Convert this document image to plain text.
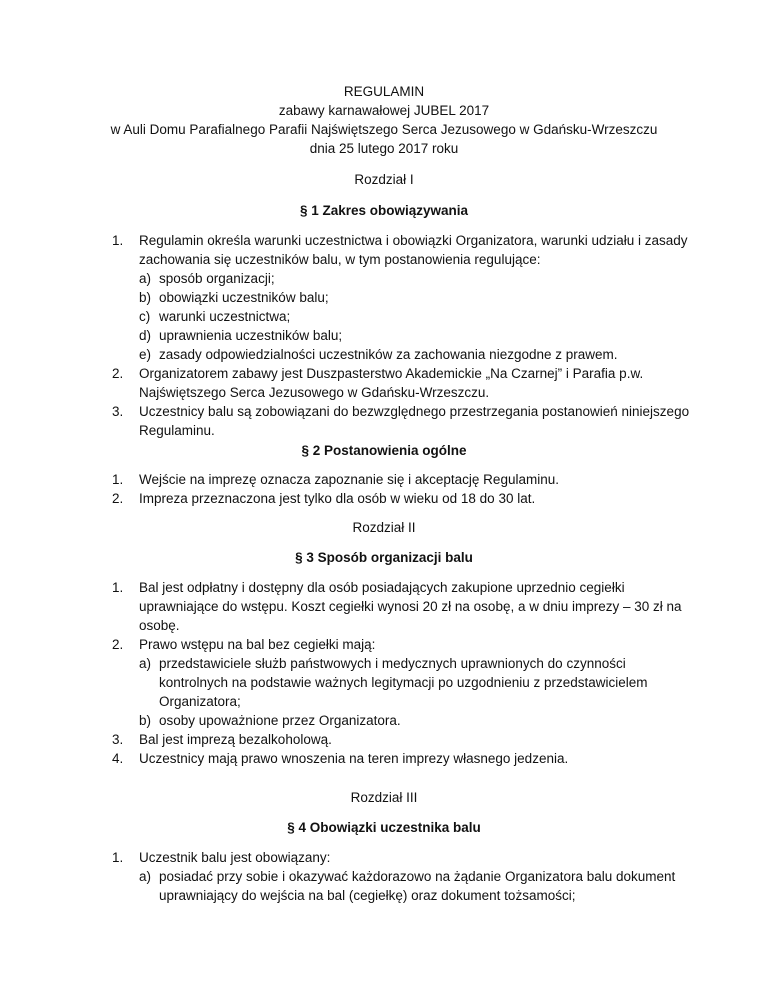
REGULAMIN
zabawy karnawałowej JUBEL 2017
w Auli Domu Parafialnego Parafii Najświętszego Serca Jezusowego w Gdańsku-Wrzeszczu
dnia 25 lutego 2017 roku
Rozdział I
§ 1 Zakres obowiązywania
1. Regulamin określa warunki uczestnictwa i obowiązki Organizatora, warunki udziału i zasady
zachowania się uczestników balu, w tym postanowienia regulujące:
a) sposób organizacji;
b) obowiązki uczestników balu;
c) warunki uczestnictwa;
d) uprawnienia uczestników balu;
e) zasady odpowiedzialności uczestników za zachowania niezgodne z prawem.
2. Organizatorem zabawy jest Duszpasterstwo Akademickie „Na Czarnej” i Parafia p.w.
Najświętszego Serca Jezusowego w Gdańsku-Wrzeszczu.
3. Uczestnicy balu są zobowiązani do bezwzględnego przestrzegania postanowień niniejszego
Regulaminu.
§ 2 Postanowienia ogólne
1. Wejście na imprezę oznacza zapoznanie się i akceptację Regulaminu.
2. Impreza przeznaczona jest tylko dla osób w wieku od 18 do 30 lat.
Rozdział II
§ 3 Sposób organizacji balu
1. Bal jest odpłatny i dostępny dla osób posiadających zakupione uprzednio cegiełki
uprawniające do wstępu. Koszt cegiełki wynosi 20 zł na osobę, a w dniu imprezy – 30 zł na
osobę.
2. Prawo wstępu na bal bez cegiełki mają:
a) przedstawiciele służb państwowych i medycznych uprawnionych do czynności
kontrolnych na podstawie ważnych legitymacji po uzgodnieniu z przedstawicielem
Organizatora;
b) osoby upoważnione przez Organizatora.
3. Bal jest imprezą bezalkoholową.
4. Uczestnicy mają prawo wnoszenia na teren imprezy własnego jedzenia.
Rozdział III
§ 4 Obowiązki uczestnika balu
1. Uczestnik balu jest obowiązany:
a) posiadać przy sobie i okazywać każdorazowo na żądanie Organizatora balu dokument
uprawniający do wejścia na bal (cegiełkę) oraz dokument tożsamości;
